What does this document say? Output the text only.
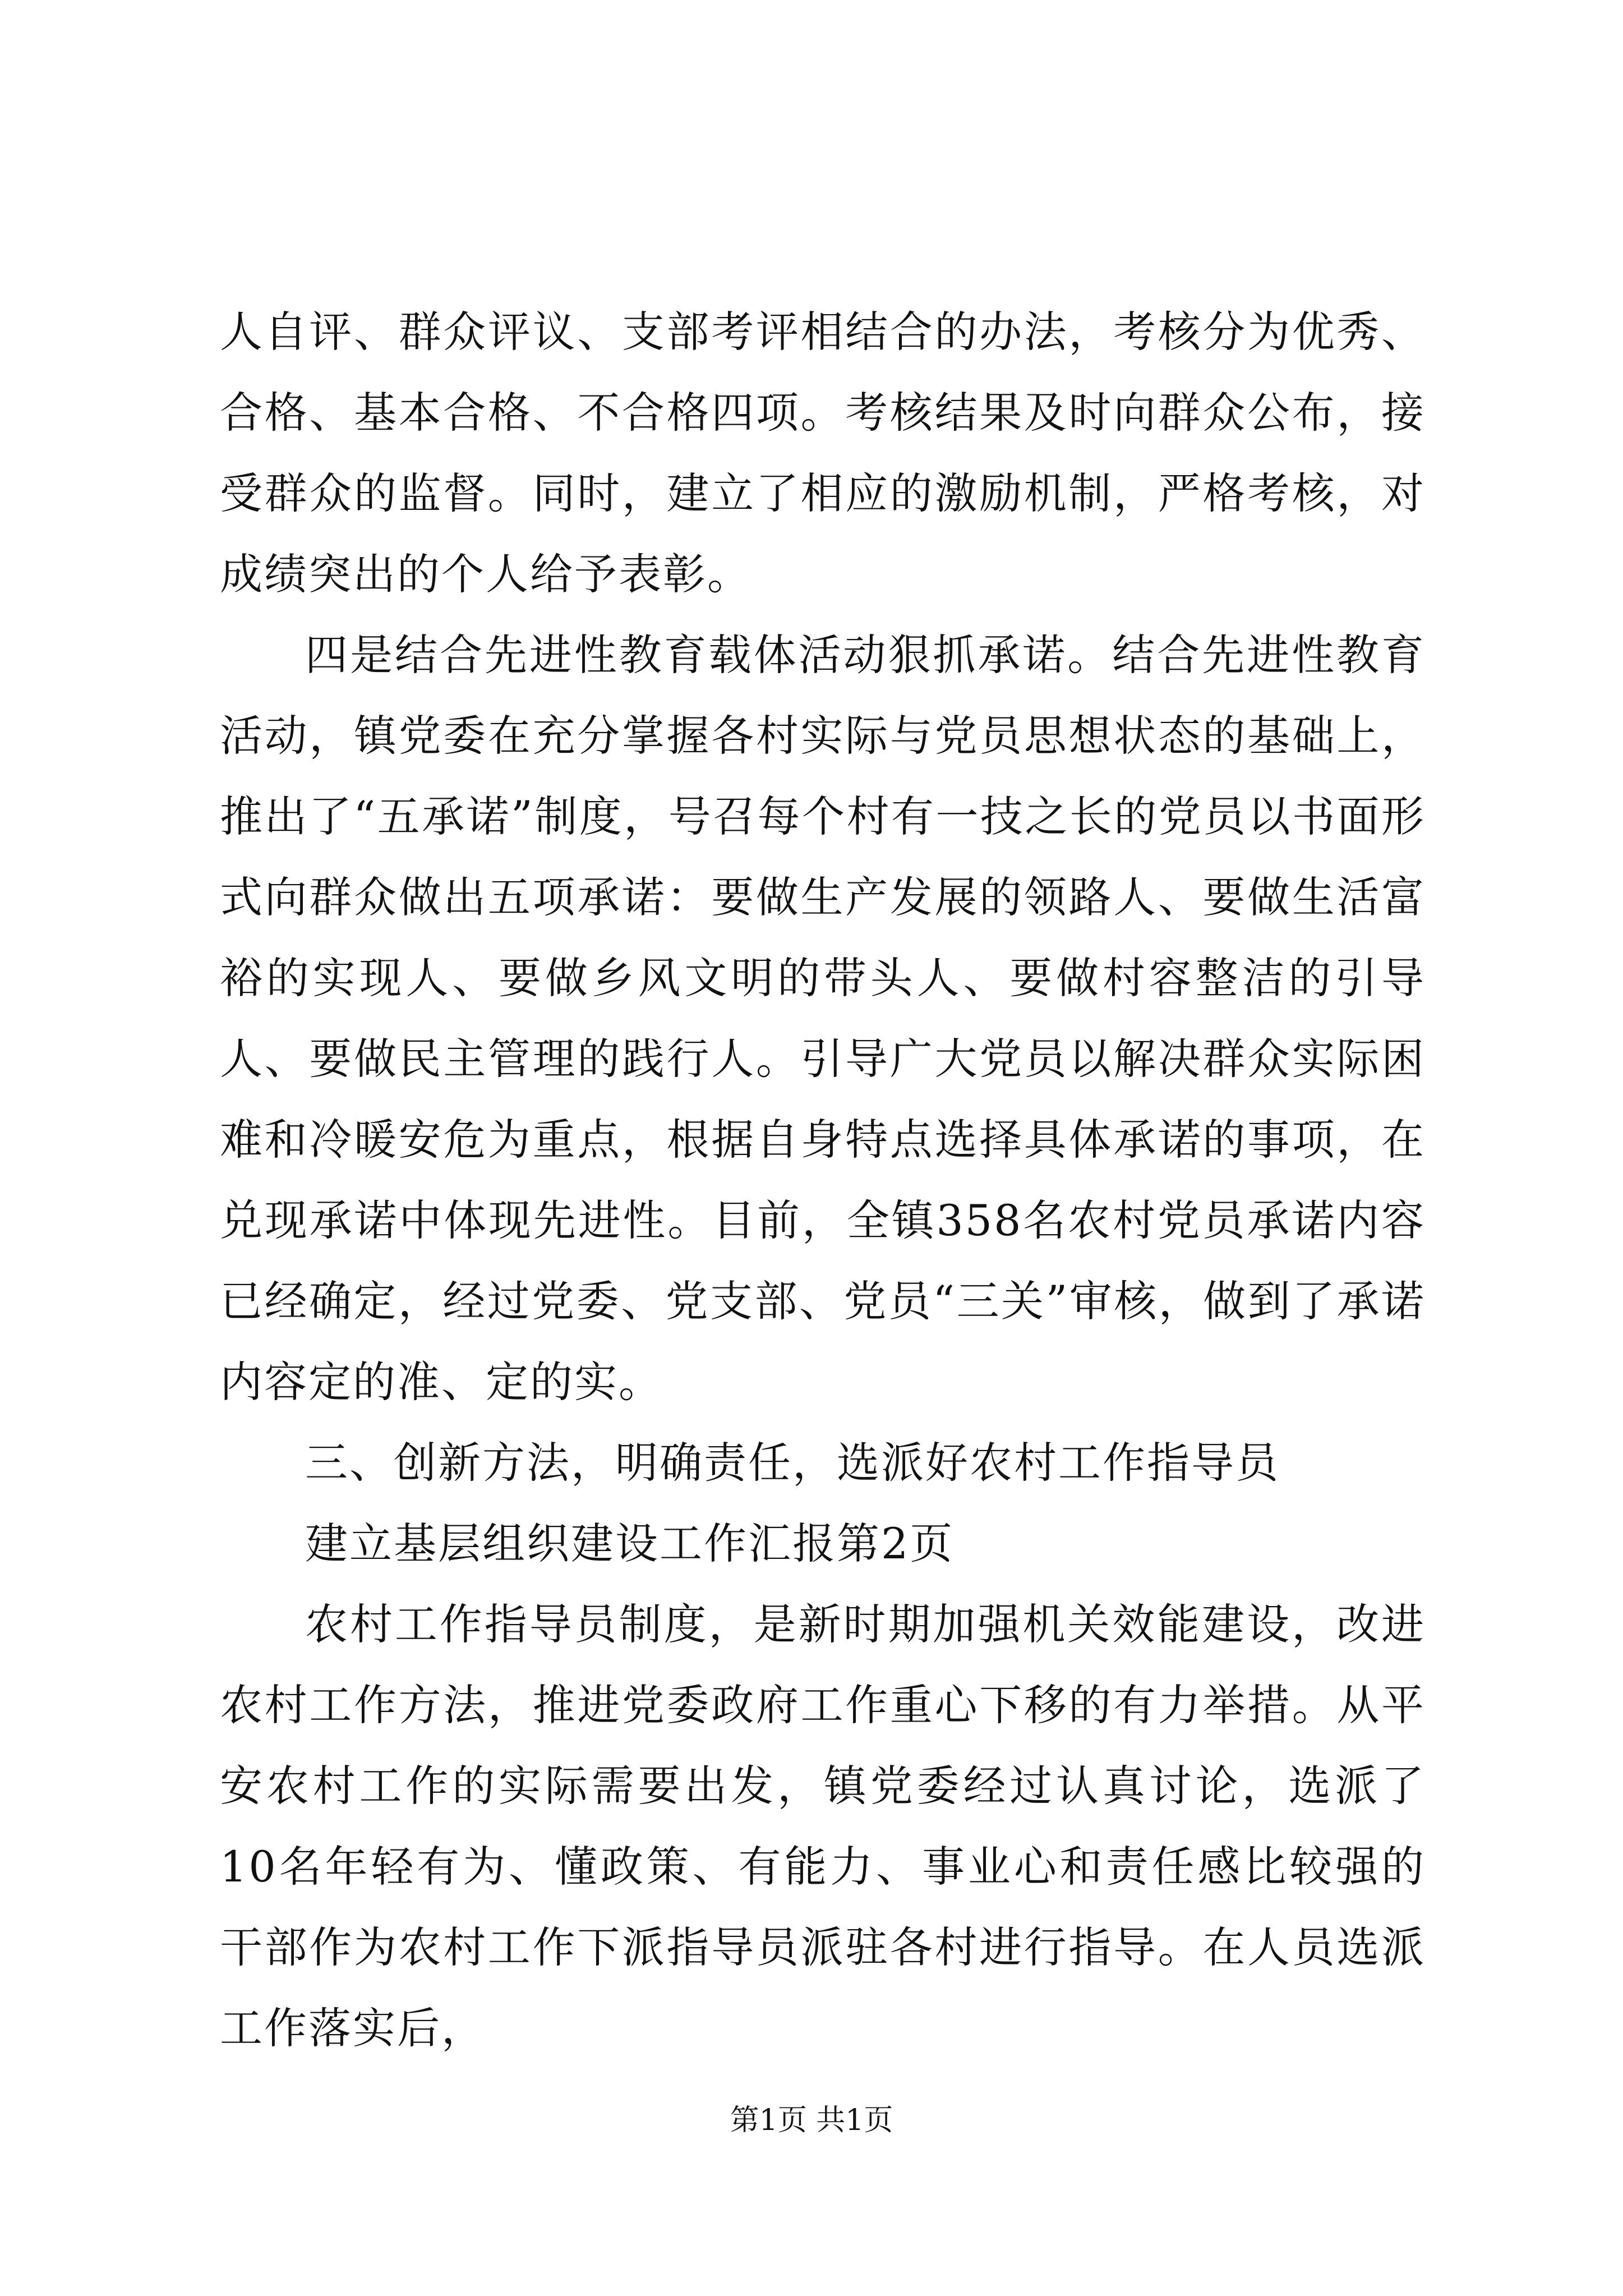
人自评、群众评议、支部考评相结合的办法，考核分为优秀、合格、基本合格、不合格四项。考核结果及时向群众公布，接受群众的监督。同时，建立了相应的激励机制，严格考核，对成绩突出的个人给予表彰。

四是结合先进性教育载体活动狠抓承诺。结合先进性教育活动，镇党委在充分掌握各村实际与党员思想状态的基础上，推出了“五承诺”制度，号召每个村有一技之长的党员以书面形式向群众做出五项承诺：要做生产发展的领路人、要做生活富裕的实现人、要做乡风文明的带头人、要做村容整洁的引导人、要做民主管理的践行人。引导广大党员以解决群众实际困难和冷暖安危为重点，根据自身特点选择具体承诺的事项，在兑现承诺中体现先进性。目前，全镇358名农村党员承诺内容已经确定，经过党委、党支部、党员“三关”审核，做到了承诺内容定的准、定的实。

三、创新方法，明确责任，选派好农村工作指导员

建立基层组织建设工作汇报第2页

农村工作指导员制度，是新时期加强机关效能建设，改进农村工作方法，推进党委政府工作重心下移的有力举措。从平安农村工作的实际需要出发，镇党委经过认真讨论，选派了10名年轻有为、懂政策、有能力、事业心和责任感比较强的干部作为农村工作下派指导员派驻各村进行指导。在人员选派工作落实后，

第1页 共1页
